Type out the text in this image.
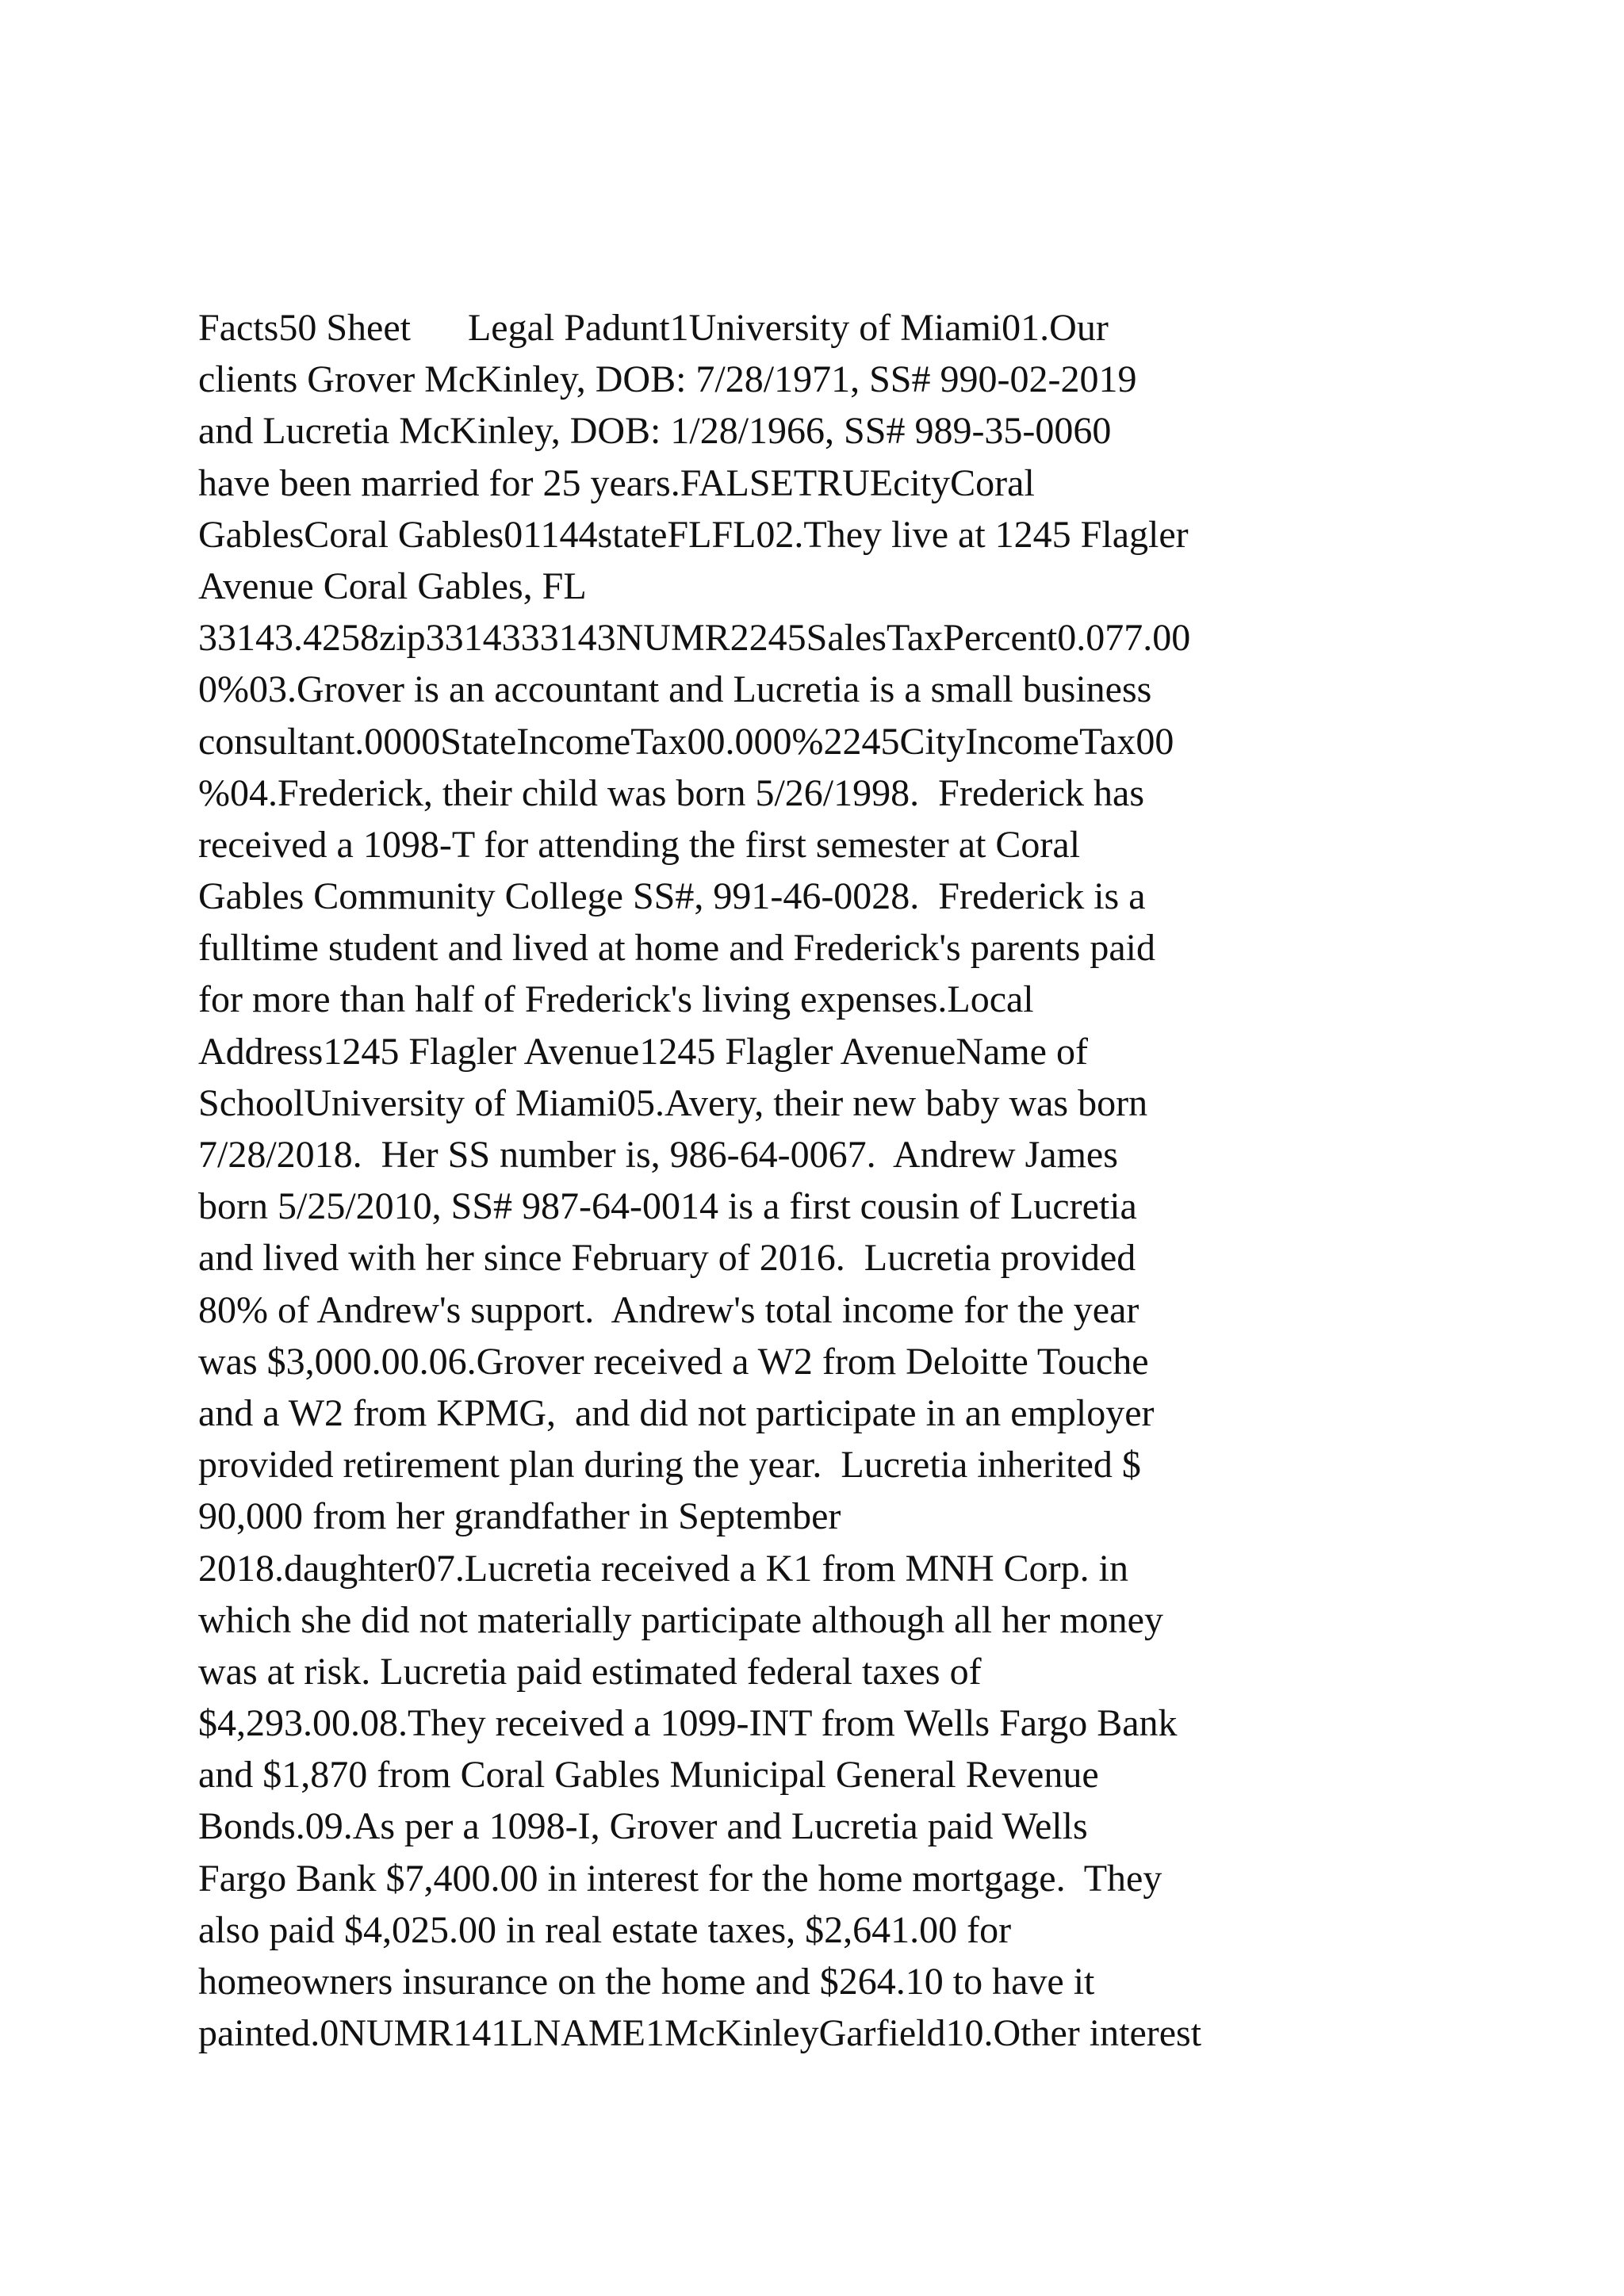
Facts50 Sheet      Legal Padunt1University of Miami01.Our
clients Grover McKinley, DOB: 7/28/1971, SS# 990-02-2019
and Lucretia McKinley, DOB: 1/28/1966, SS# 989-35-0060
have been married for 25 years.FALSETRUEcityCoral
GablesCoral Gables01144stateFLFL02.They live at 1245 Flagler
Avenue Coral Gables, FL
33143.4258zip3314333143NUMR2245SalesTaxPercent0.077.00
0%03.Grover is an accountant and Lucretia is a small business
consultant.0000StateIncomeTax00.000%2245CityIncomeTax00
%04.Frederick, their child was born 5/26/1998.  Frederick has
received a 1098-T for attending the first semester at Coral
Gables Community College SS#, 991-46-0028.  Frederick is a
fulltime student and lived at home and Frederick's parents paid
for more than half of Frederick's living expenses.Local
Address1245 Flagler Avenue1245 Flagler AvenueName of
SchoolUniversity of Miami05.Avery, their new baby was born
7/28/2018.  Her SS number is, 986-64-0067.  Andrew James
born 5/25/2010, SS# 987-64-0014 is a first cousin of Lucretia
and lived with her since February of 2016.  Lucretia provided
80% of Andrew's support.  Andrew's total income for the year
was $3,000.00.06.Grover received a W2 from Deloitte Touche
and a W2 from KPMG,  and did not participate in an employer
provided retirement plan during the year.  Lucretia inherited $
90,000 from her grandfather in September
2018.daughter07.Lucretia received a K1 from MNH Corp. in
which she did not materially participate although all her money
was at risk. Lucretia paid estimated federal taxes of
$4,293.00.08.They received a 1099-INT from Wells Fargo Bank
and $1,870 from Coral Gables Municipal General Revenue
Bonds.09.As per a 1098-I, Grover and Lucretia paid Wells
Fargo Bank $7,400.00 in interest for the home mortgage.  They
also paid $4,025.00 in real estate taxes, $2,641.00 for
homeowners insurance on the home and $264.10 to have it
painted.0NUMR141LNAME1McKinleyGarfield10.Other interest
